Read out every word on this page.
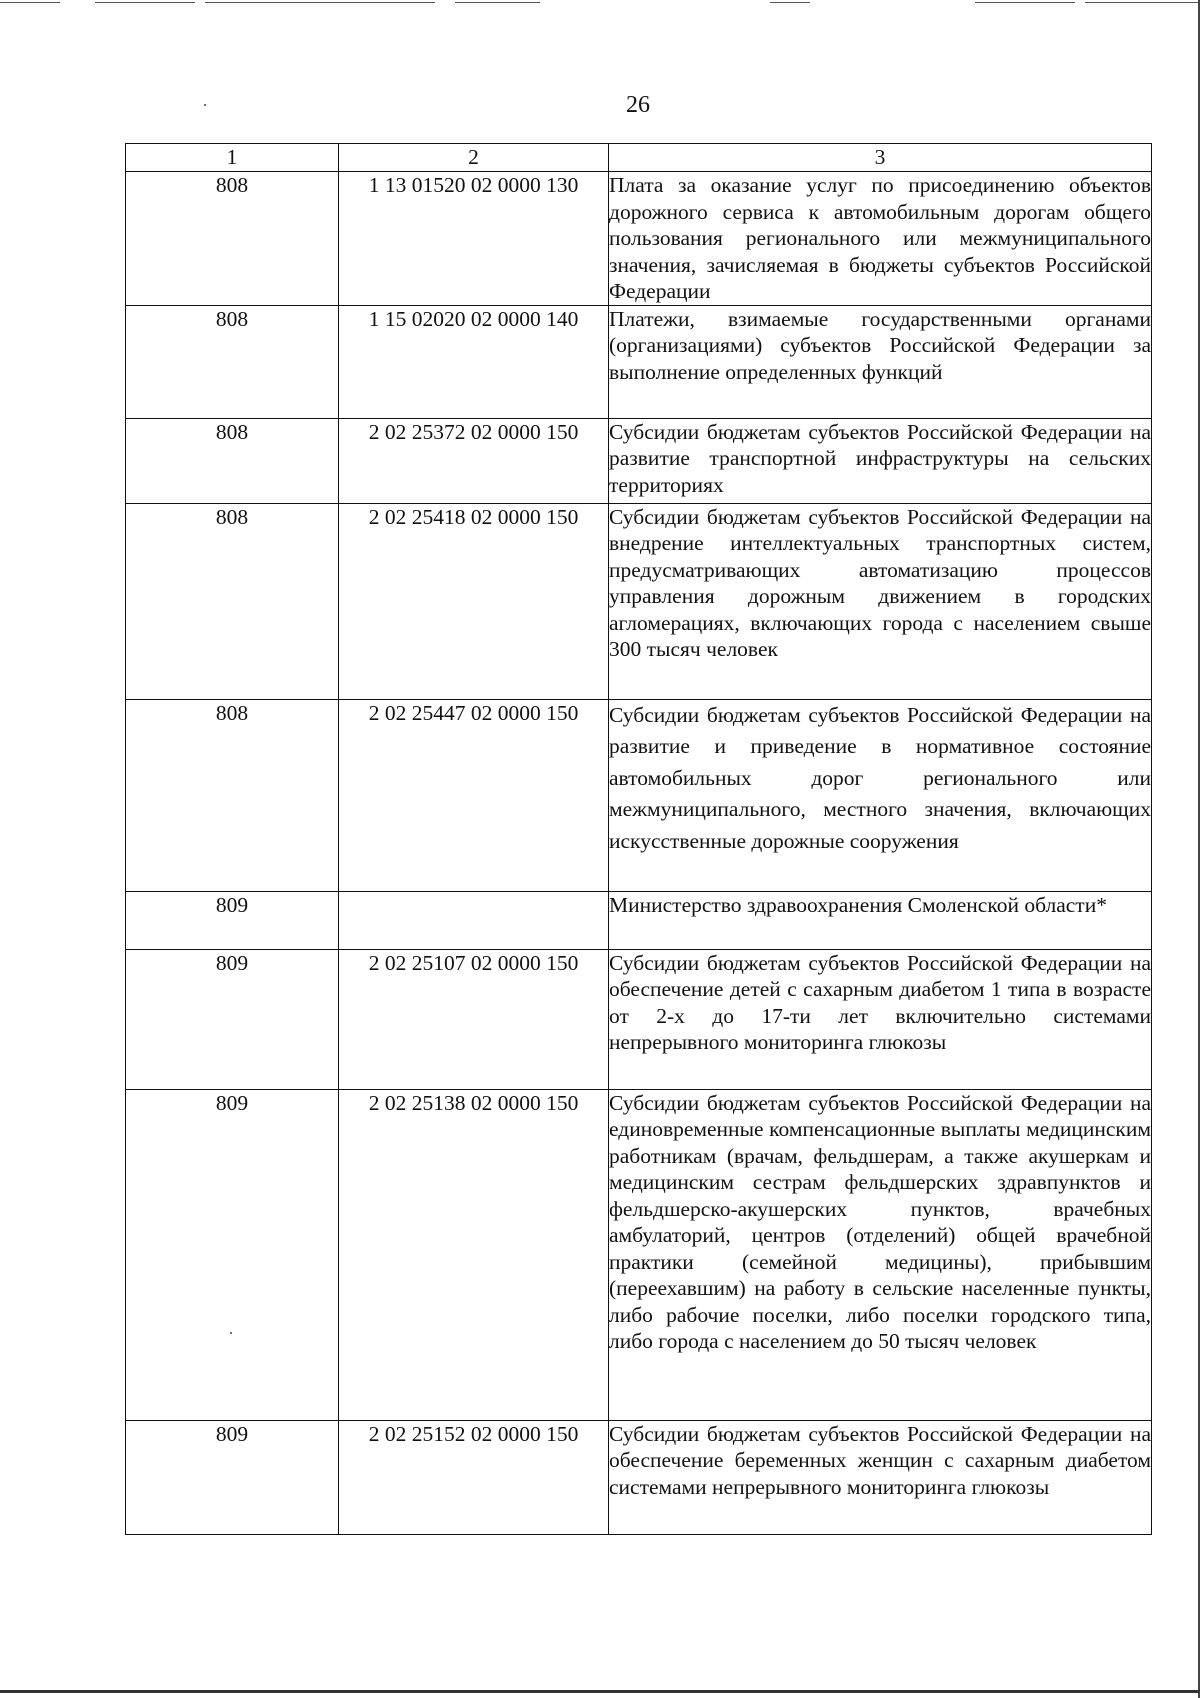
26
1	2	3
808	1 13 01520 02 0000 130	Плата за оказание услуг по присоединению объектов дорожного сервиса к автомобильным дорогам общего пользования регионального или межмуниципального значения, зачисляемая в бюджеты субъектов Российской Федерации
808	1 15 02020 02 0000 140	Платежи, взимаемые государственными органами (организациями) субъектов Российской Федерации за выполнение определенных функций
808	2 02 25372 02 0000 150	Субсидии бюджетам субъектов Российской Федерации на развитие транспортной инфраструктуры на сельских территориях
808	2 02 25418 02 0000 150	Субсидии бюджетам субъектов Российской Федерации на внедрение интеллектуальных транспортных систем, предусматривающих автоматизацию процессов управления дорожным движением в городских агломерациях, включающих города с населением свыше 300 тысяч человек
808	2 02 25447 02 0000 150	Субсидии бюджетам субъектов Российской Федерации на развитие и приведение в нормативное состояние автомобильных дорог регионального или межмуниципального, местного значения, включающих искусственные дорожные сооружения
809		Министерство здравоохранения Смоленской области*
809	2 02 25107 02 0000 150	Субсидии бюджетам субъектов Российской Федерации на обеспечение детей с сахарным диабетом 1 типа в возрасте от 2-х до 17-ти лет включительно системами непрерывного мониторинга глюкозы
809	2 02 25138 02 0000 150	Субсидии бюджетам субъектов Российской Федерации на единовременные компенсационные выплаты медицинским работникам (врачам, фельдшерам, а также акушеркам и медицинским сестрам фельдшерских здравпунктов и фельдшерско-акушерских пунктов, врачебных амбулаторий, центров (отделений) общей врачебной практики (семейной медицины), прибывшим (переехавшим) на работу в сельские населенные пункты, либо рабочие поселки, либо поселки городского типа, либо города с населением до 50 тысяч человек
809	2 02 25152 02 0000 150	Субсидии бюджетам субъектов Российской Федерации на обеспечение беременных женщин с сахарным диабетом системами непрерывного мониторинга глюкозы
